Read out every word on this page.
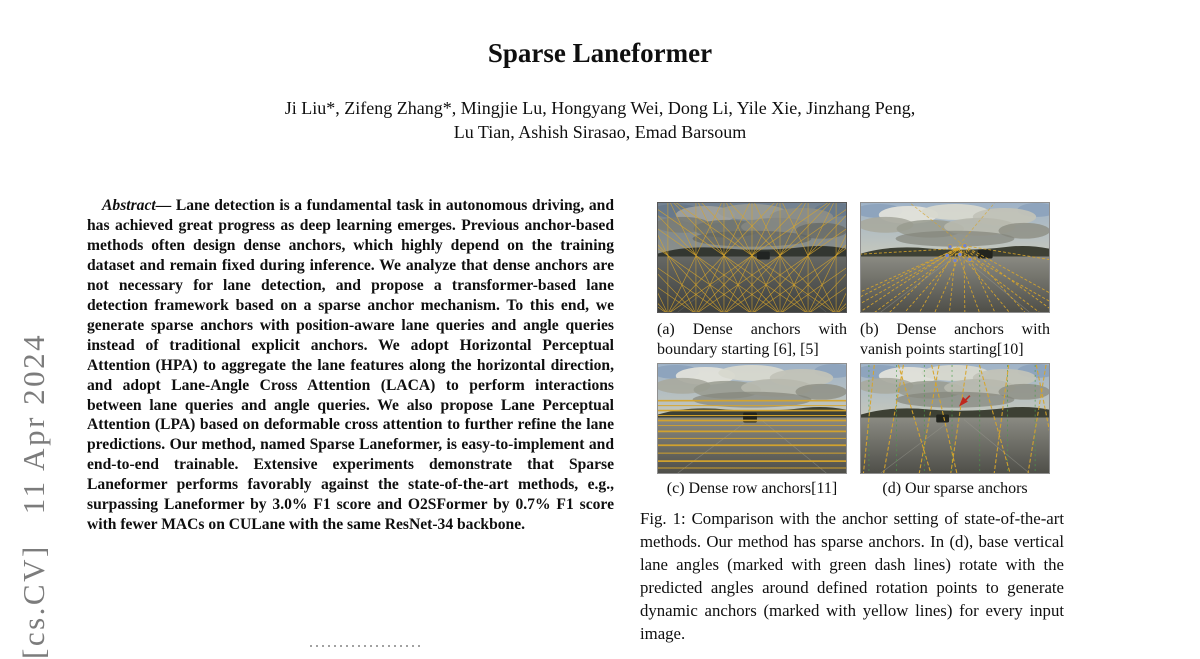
[cs.CV]11 Apr 2024
Sparse Laneformer
Ji Liu*, Zifeng Zhang*, Mingjie Lu, Hongyang Wei, Dong Li, Yile Xie, Jinzhang Peng,
Lu Tian, Ashish Sirasao, Emad Barsoum

Abstract— Lane detection is a fundamental task in autonomous driving, and has achieved great progress as deep learning emerges. Previous anchor-based methods often design dense anchors, which highly depend on the training dataset and remain fixed during inference. We analyze that dense anchors are not necessary for lane detection, and propose a transformer-based lane detection framework based on a sparse anchor mechanism. To this end, we generate sparse anchors with position-aware lane queries and angle queries instead of traditional explicit anchors. We adopt Horizontal Perceptual Attention (HPA) to aggregate the lane features along the horizontal direction, and adopt Lane-Angle Cross Attention (LACA) to perform interactions between lane queries and angle queries. We also propose Lane Perceptual Attention (LPA) based on deformable cross attention to further refine the lane predictions. Our method, named Sparse Laneformer, is easy-to-implement and end-to-end trainable. Extensive experiments demonstrate that Sparse Laneformer performs favorably against the state-of-the-art methods, e.g., surpassing Laneformer by 3.0% F1 score and O2SFormer by 0.7% F1 score with fewer MACs on CULane with the same ResNet-34 backbone.

(a) Dense anchors with boundary starting [6], [5]
(b) Dense anchors with vanish points starting[10]
(c) Dense row anchors[11]	(d) Our sparse anchors
Fig. 1: Comparison with the anchor setting of state-of-the-art methods. Our method has sparse anchors. In (d), base vertical lane angles (marked with green dash lines) rotate with the predicted angles around defined rotation points to generate dynamic anchors (marked with yellow lines) for every input image.
